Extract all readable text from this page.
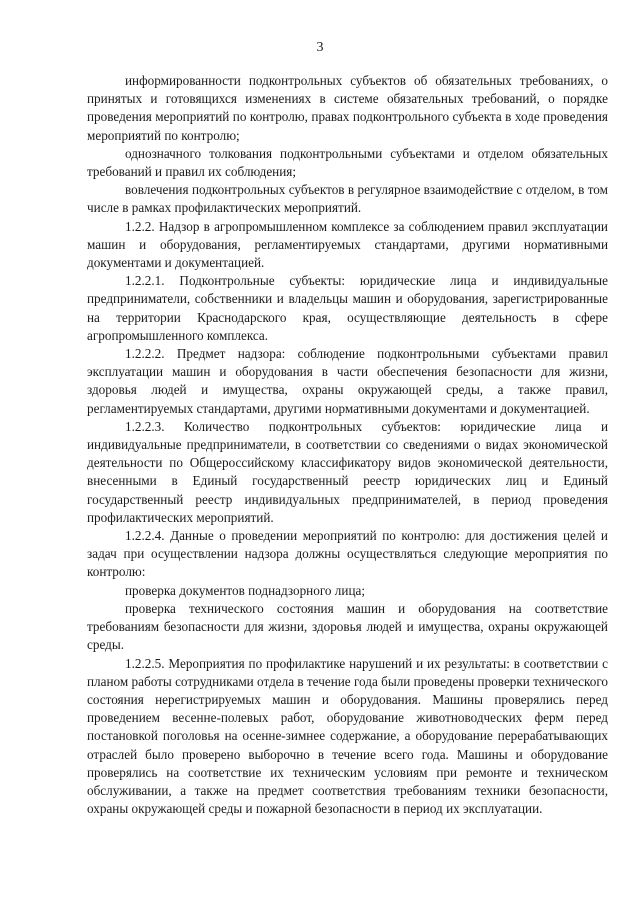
3

информированности подконтрольных субъектов об обязательных требованиях, о принятых и готовящихся изменениях в системе обязательных требований, о порядке проведения мероприятий по контролю, правах подконтрольного субъекта в ходе проведения мероприятий по контролю;

однозначного толкования подконтрольными субъектами и отделом обязательных требований и правил их соблюдения;

вовлечения подконтрольных субъектов в регулярное взаимодействие с отделом, в том числе в рамках профилактических мероприятий.

1.2.2. Надзор в агропромышленном комплексе за соблюдением правил эксплуатации машин и оборудования, регламентируемых стандартами, другими нормативными документами и документацией.

1.2.2.1. Подконтрольные субъекты: юридические лица и индивидуальные предприниматели, собственники и владельцы машин и оборудования, зарегистрированные на территории Краснодарского края, осуществляющие деятельность в сфере агропромышленного комплекса.

1.2.2.2. Предмет надзора: соблюдение подконтрольными субъектами правил эксплуатации машин и оборудования в части обеспечения безопасности для жизни, здоровья людей и имущества, охраны окружающей среды, а также правил, регламентируемых стандартами, другими нормативными документами и документацией.

1.2.2.3. Количество подконтрольных субъектов: юридические лица и индивидуальные предприниматели, в соответствии со сведениями о видах экономической деятельности по Общероссийскому классификатору видов экономической деятельности, внесенными в Единый государственный реестр юридических лиц и Единый государственный реестр индивидуальных предпринимателей, в период проведения профилактических мероприятий.

1.2.2.4. Данные о проведении мероприятий по контролю: для достижения целей и задач при осуществлении надзора должны осуществляться следующие мероприятия по контролю:

проверка документов поднадзорного лица;

проверка технического состояния машин и оборудования на соответствие требованиям безопасности для жизни, здоровья людей и имущества, охраны окружающей среды.

1.2.2.5. Мероприятия по профилактике нарушений и их результаты: в соответствии с планом работы сотрудниками отдела в течение года были проведены проверки технического состояния нерегистрируемых машин и оборудования. Машины проверялись перед проведением весенне-полевых работ, оборудование животноводческих ферм перед постановкой поголовья на осенне-зимнее содержание, а оборудование перерабатывающих отраслей было проверено выборочно в течение всего года. Машины и оборудование проверялись на соответствие их техническим условиям при ремонте и техническом обслуживании, а также на предмет соответствия требованиям техники безопасности, охраны окружающей среды и пожарной безопасности в период их эксплуатации.
